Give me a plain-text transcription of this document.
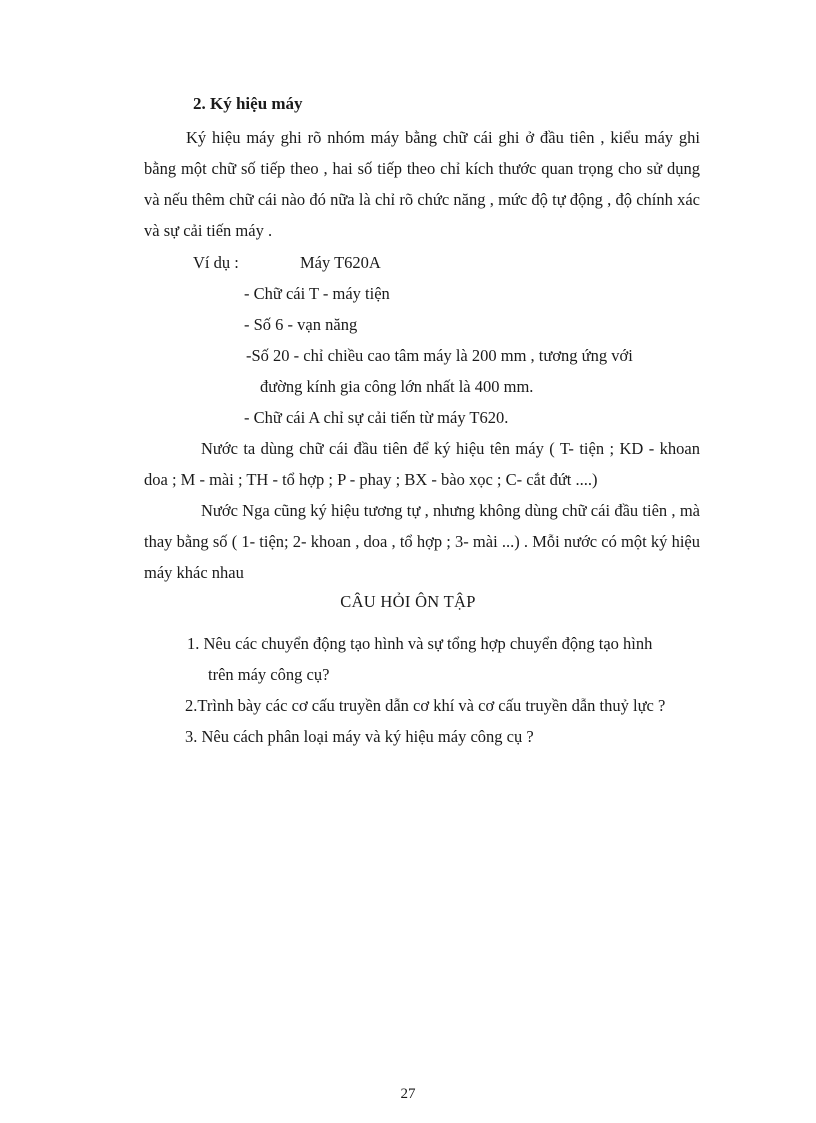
2. Ký hiệu máy
Ký hiệu máy ghi rõ nhóm máy bằng chữ cái ghi ở đầu tiên , kiểu máy ghi bằng một chữ số tiếp theo , hai số tiếp theo chỉ kích thước quan trọng cho sử dụng và nếu thêm chữ cái nào đó nữa là chỉ rõ chức năng , mức độ tự động , độ chính xác và sự cải tiến máy .
Ví dụ :	Máy T620A
- Chữ cái T - máy tiện
- Số 6 - vạn năng
-Số 20 - chỉ chiều cao tâm máy là 200 mm , tương ứng với
đường kính gia công lớn nhất là 400 mm.
- Chữ cái A chỉ sự cải tiến từ máy T620.
Nước ta dùng chữ cái đầu tiên để ký hiệu tên máy ( T- tiện ; KD - khoan doa ; M - mài ; TH - tổ hợp ; P - phay ; BX - bào xọc ; C- cắt đứt ....)
Nước Nga cũng ký hiệu tương tự , nhưng không dùng chữ cái đầu tiên , mà thay bằng số ( 1- tiện; 2- khoan , doa , tổ hợp ; 3- mài ...) . Mỗi nước có một ký hiệu máy khác nhau
CÂU HỎI ÔN TẬP
1. Nêu các chuyển động tạo hình và sự tổng hợp chuyển động tạo hình
trên máy công cụ?
2.Trình bày các cơ cấu truyền dẫn cơ khí và cơ cấu truyền dẫn thuỷ lực ?
3. Nêu cách phân loại máy và ký hiệu máy công cụ ?
27
